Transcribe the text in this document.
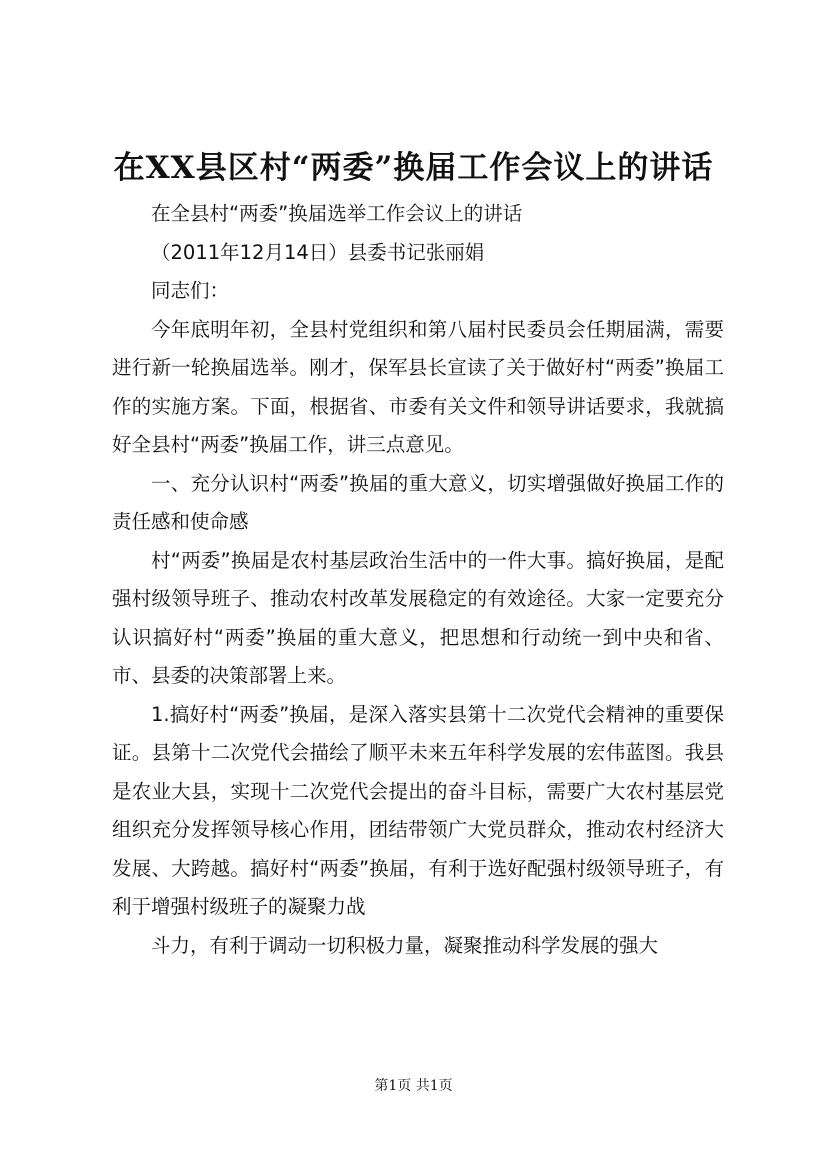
在XX县区村“两委”换届工作会议上的讲话

在全县村“两委”换届选举工作会议上的讲话

（2011年12月14日）县委书记张丽娟

同志们：

今年底明年初，全县村党组织和第八届村民委员会任期届满，需要进行新一轮换届选举。刚才，保军县长宣读了关于做好村“两委”换届工作的实施方案。下面，根据省、市委有关文件和领导讲话要求，我就搞好全县村“两委”换届工作，讲三点意见。

一、充分认识村“两委”换届的重大意义，切实增强做好换届工作的责任感和使命感

村“两委”换届是农村基层政治生活中的一件大事。搞好换届，是配强村级领导班子、推动农村改革发展稳定的有效途径。大家一定要充分认识搞好村“两委”换届的重大意义，把思想和行动统一到中央和省、市、县委的决策部署上来。

1.搞好村“两委”换届，是深入落实县第十二次党代会精神的重要保证。县第十二次党代会描绘了顺平未来五年科学发展的宏伟蓝图。我县是农业大县，实现十二次党代会提出的奋斗目标，需要广大农村基层党组织充分发挥领导核心作用，团结带领广大党员群众，推动农村经济大发展、大跨越。搞好村“两委”换届，有利于选好配强村级领导班子，有利于增强村级班子的凝聚力战

斗力，有利于调动一切积极力量，凝聚推动科学发展的强大

第1页 共1页
